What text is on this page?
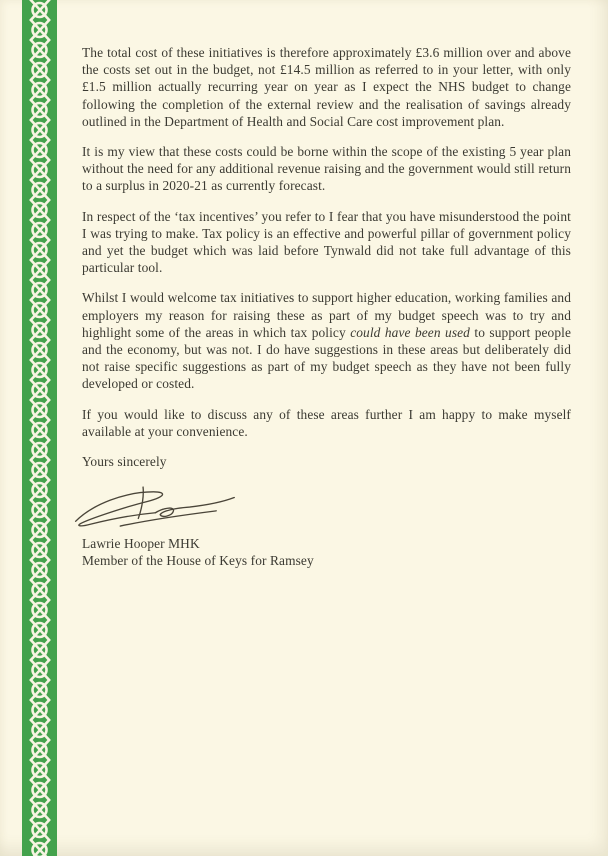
The total cost of these initiatives is therefore approximately £3.6 million over and above the costs set out in the budget, not £14.5 million as referred to in your letter, with only £1.5 million actually recurring year on year as I expect the NHS budget to change following the completion of the external review and the realisation of savings already outlined in the Department of Health and Social Care cost improvement plan.

It is my view that these costs could be borne within the scope of the existing 5 year plan without the need for any additional revenue raising and the government would still return to a surplus in 2020-21 as currently forecast.

In respect of the ‘tax incentives’ you refer to I fear that you have misunderstood the point I was trying to make. Tax policy is an effective and powerful pillar of government policy and yet the budget which was laid before Tynwald did not take full advantage of this particular tool.

Whilst I would welcome tax initiatives to support higher education, working families and employers my reason for raising these as part of my budget speech was to try and highlight some of the areas in which tax policy could have been used to support people and the economy, but was not. I do have suggestions in these areas but deliberately did not raise specific suggestions as part of my budget speech as they have not been fully developed or costed.

If you would like to discuss any of these areas further I am happy to make myself available at your convenience.

Yours sincerely

Lawrie Hooper MHK

Member of the House of Keys for Ramsey
